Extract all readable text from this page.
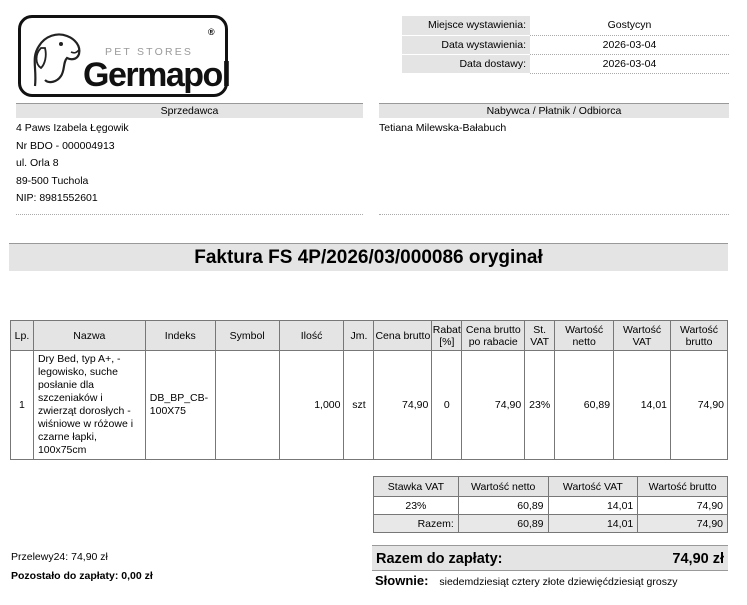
PET STORES
Germapol
®
Miejsce wystawienia:	Gostycyn
Data wystawienia:	2026-03-04
Data dostawy:	2026-03-04
Sprzedawca
4 Paws Izabela Łęgowik
Nr BDO - 000004913
ul. Orla 8
89-500 Tuchola
NIP: 8981552601
Nabywca / Płatnik / Odbiorca
Tetiana Milewska-Bałabuch
Faktura FS 4P/2026/03/000086 oryginał
Lp.	Nazwa	Indeks	Symbol	Ilość	Jm.	Cena brutto	Rabat [%]	Cena brutto po rabacie	St. VAT	Wartość netto	Wartość VAT	Wartość brutto
1	Dry Bed, typ A+, - legowisko, suche posłanie dla szczeniaków i zwierząt dorosłych - wiśniowe w różowe i czarne łapki, 100x75cm	DB_BP_CB-100X75		1,000	szt	74,90	0	74,90	23%	60,89	14,01	74,90
Stawka VAT	Wartość netto	Wartość VAT	Wartość brutto
23%	60,89	14,01	74,90
Razem:	60,89	14,01	74,90
Przelewy24: 74,90 zł
Pozostało do zapłaty: 0,00 zł
Razem do zapłaty:	74,90 zł
Słownie: siedemdziesiąt cztery złote dziewięćdziesiąt groszy
